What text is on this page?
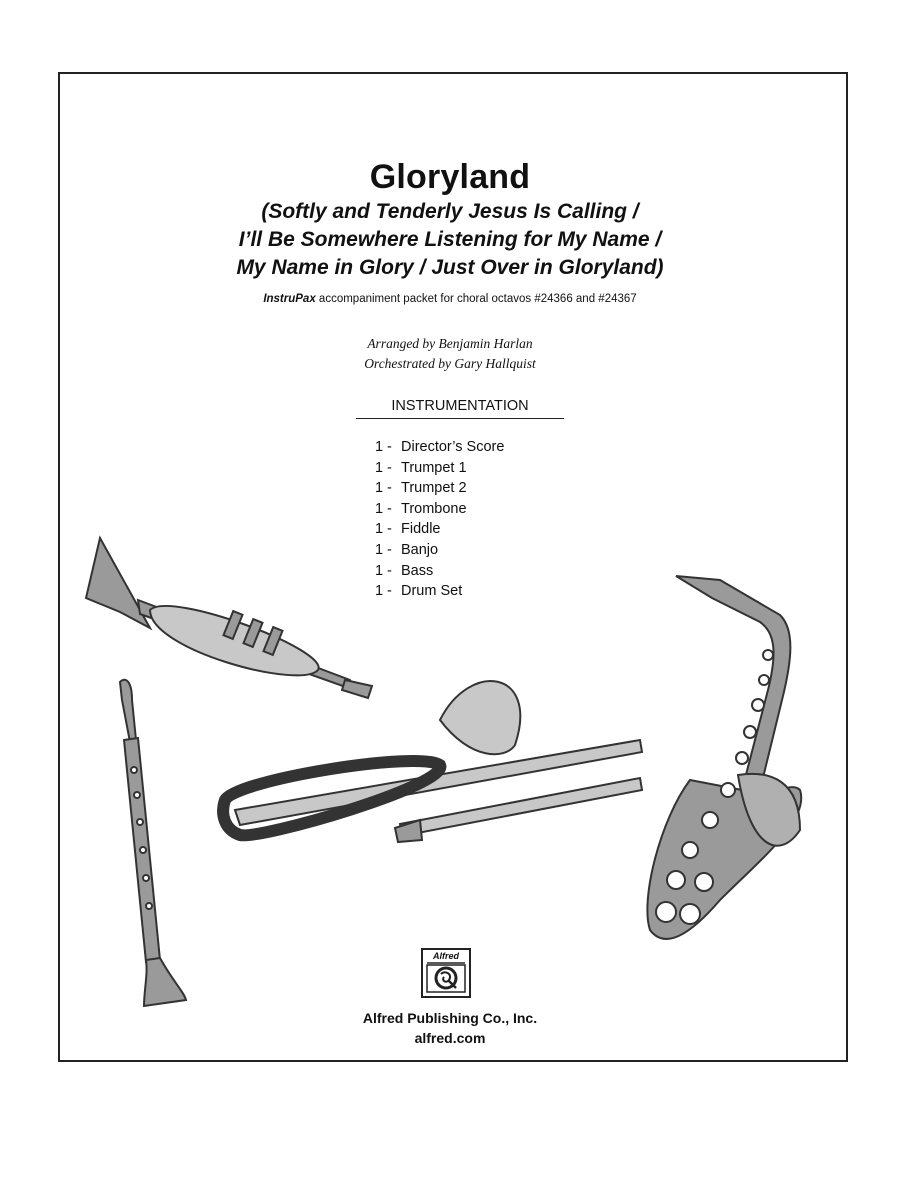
Gloryland
(Softly and Tenderly Jesus Is Calling /
I’ll Be Somewhere Listening for My Name /
My Name in Glory / Just Over in Gloryland)
InstruPax accompaniment packet for choral octavos #24366 and #24367
Arranged by Benjamin Harlan
Orchestrated by Gary Hallquist
INSTRUMENTATION
1 - Director’s Score
1 - Trumpet 1
1 - Trumpet 2
1 - Trombone
1 - Fiddle
1 - Banjo
1 - Bass
1 - Drum Set
Alfred
Alfred Publishing Co., Inc.
alfred.com
